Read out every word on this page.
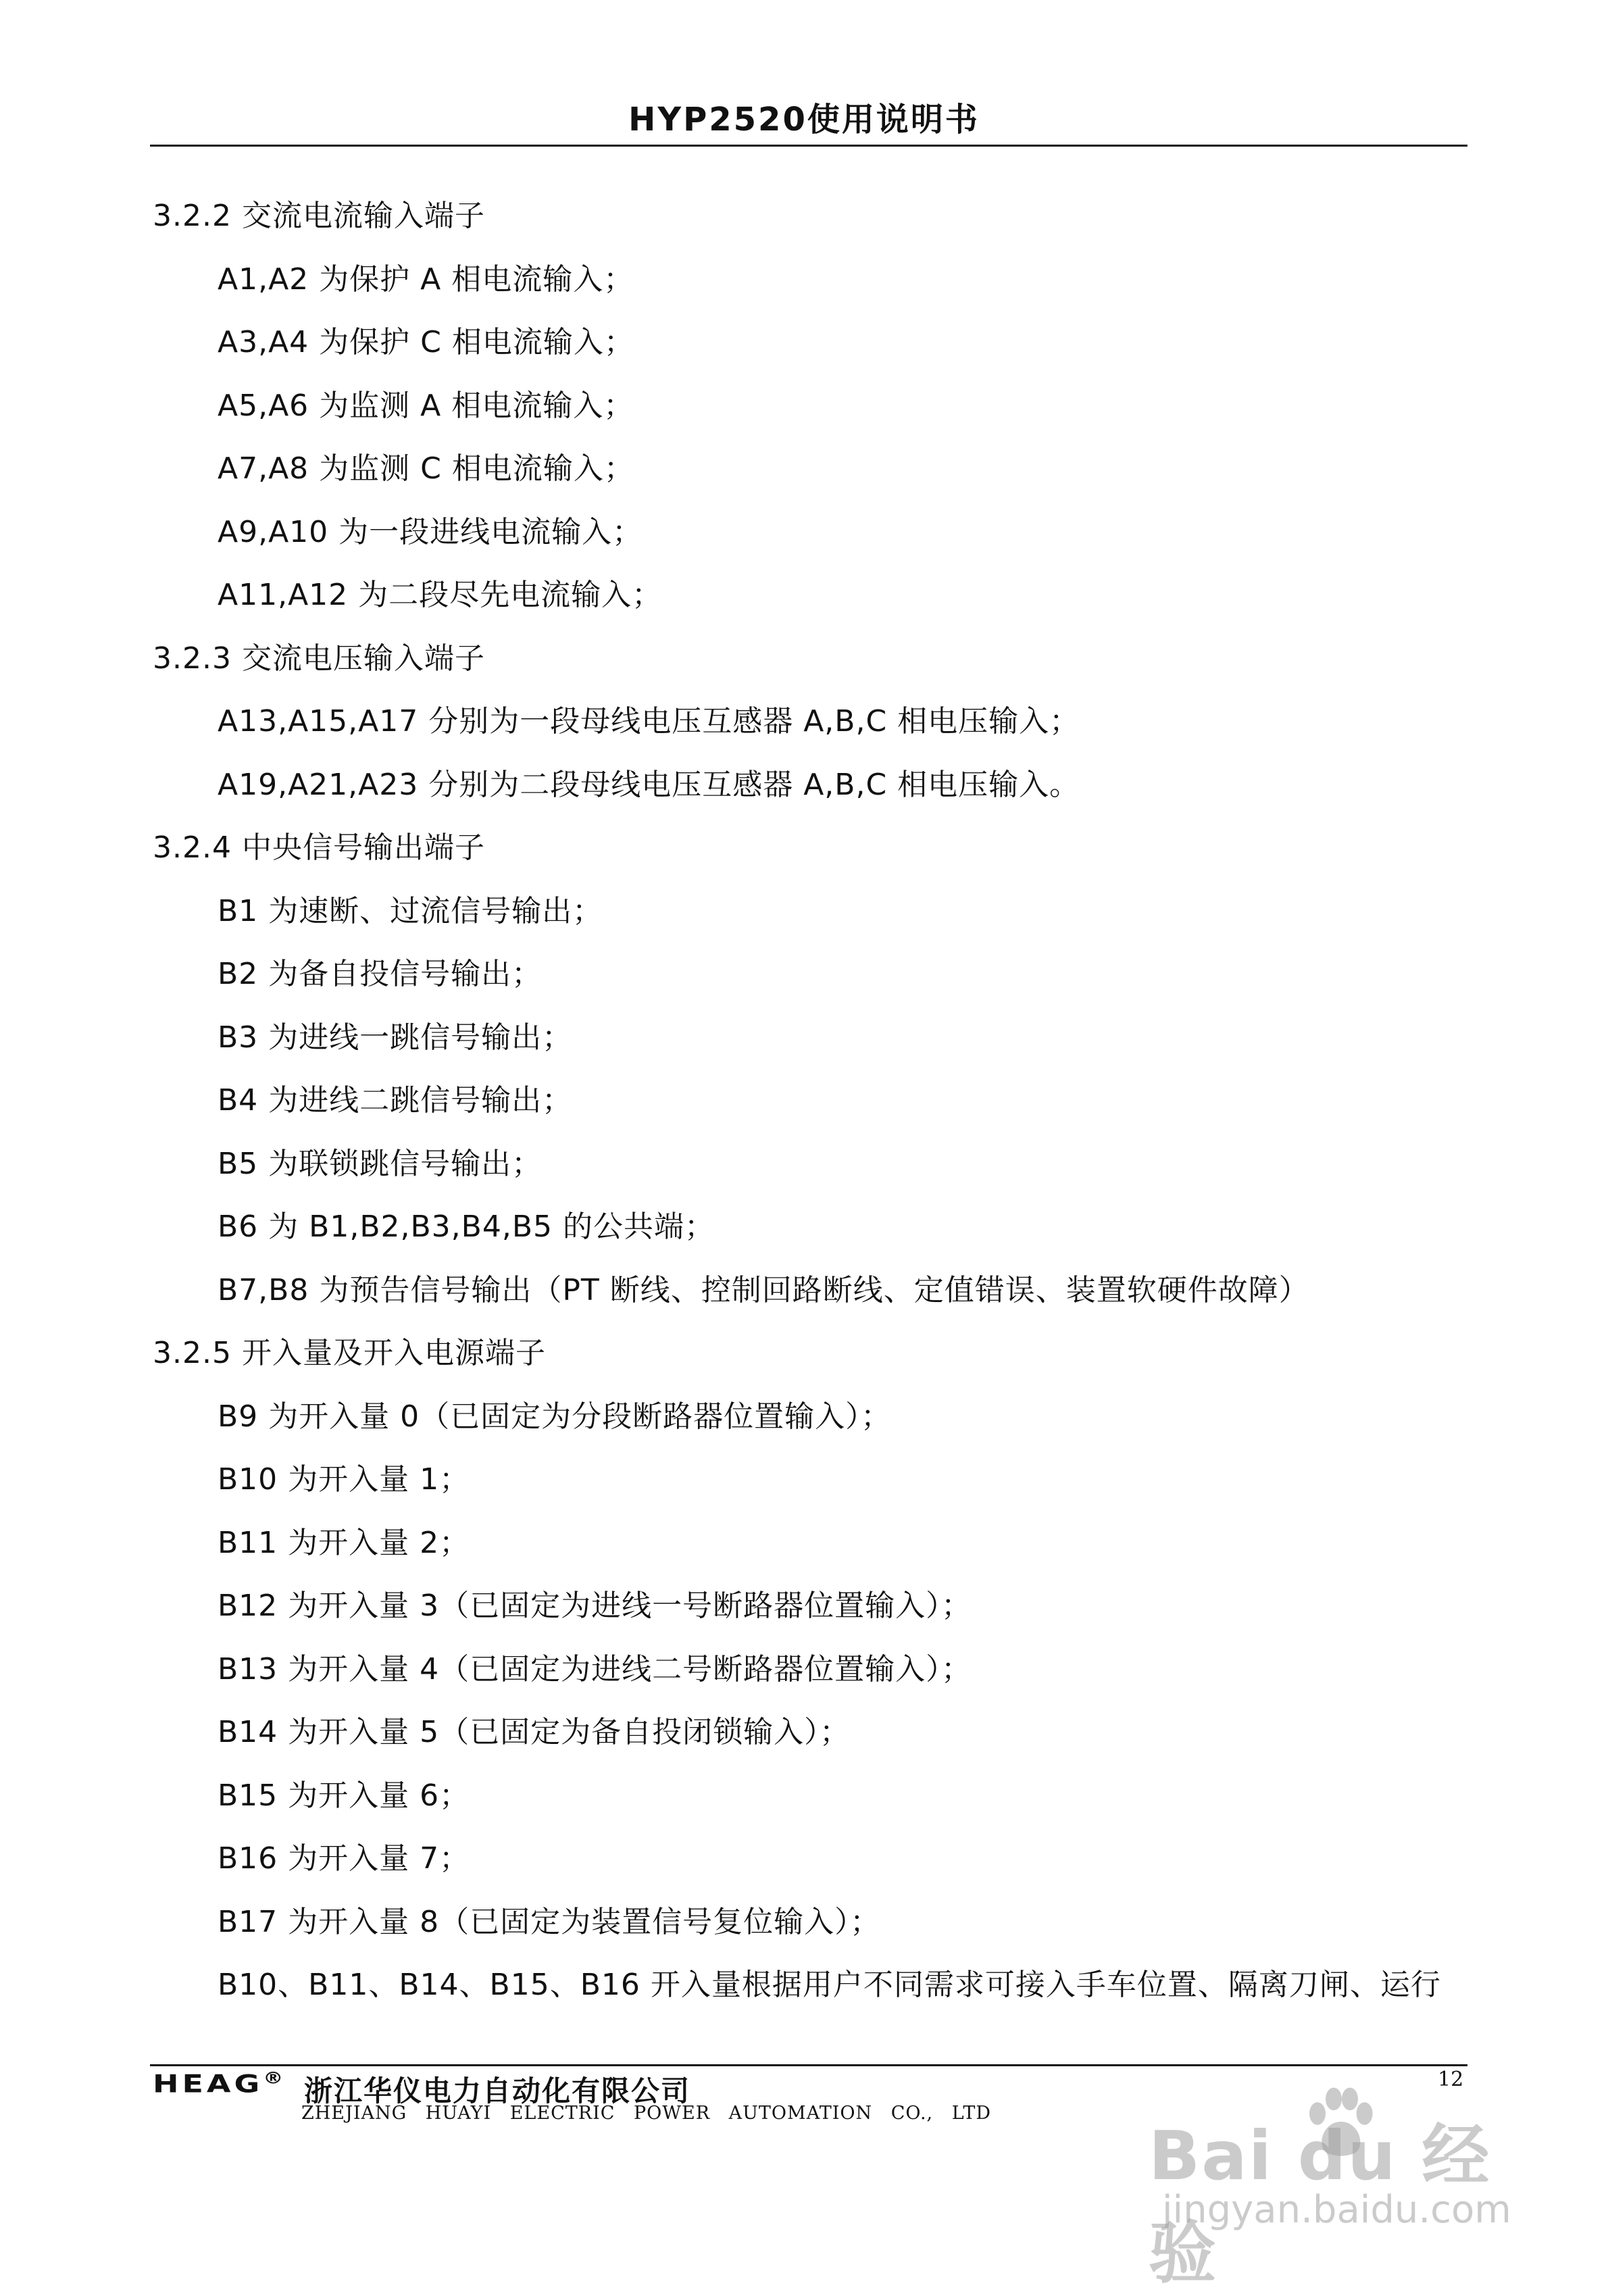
HYP2520使用说明书
3.2.2 交流电流输入端子
A1,A2 为保护 A 相电流输入；
A3,A4 为保护 C 相电流输入；
A5,A6 为监测 A 相电流输入；
A7,A8 为监测 C 相电流输入；
A9,A10 为一段进线电流输入；
A11,A12 为二段尽先电流输入；
3.2.3 交流电压输入端子
A13,A15,A17 分别为一段母线电压互感器 A,B,C 相电压输入；
A19,A21,A23 分别为二段母线电压互感器 A,B,C 相电压输入。
3.2.4 中央信号输出端子
B1 为速断、过流信号输出；
B2 为备自投信号输出；
B3 为进线一跳信号输出；
B4 为进线二跳信号输出；
B5 为联锁跳信号输出；
B6 为 B1,B2,B3,B4,B5 的公共端；
B7,B8 为预告信号输出（PT 断线、控制回路断线、定值错误、装置软硬件故障）
3.2.5 开入量及开入电源端子
B9 为开入量 0（已固定为分段断路器位置输入）；
B10 为开入量 1；
B11 为开入量 2；
B12 为开入量 3（已固定为进线一号断路器位置输入）；
B13 为开入量 4（已固定为进线二号断路器位置输入）；
B14 为开入量 5（已固定为备自投闭锁输入）；
B15 为开入量 6；
B16 为开入量 7；
B17 为开入量 8（已固定为装置信号复位输入）；
B10、B11、B14、B15、B16 开入量根据用户不同需求可接入手车位置、隔离刀闸、运行
HEAG® 浙江华仪电力自动化有限公司
ZHEJIANG HUAYI ELECTRIC POWER AUTOMATION CO., LTD
12
Bai du 经验
jingyan.baidu.com
